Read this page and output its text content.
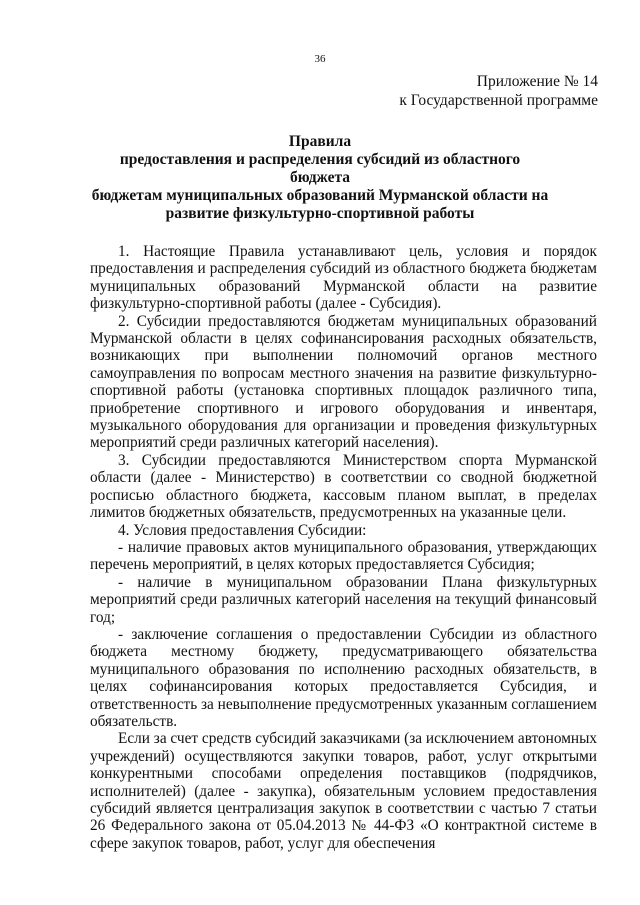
36
Приложение № 14
к Государственной программе
Правила
предоставления и распределения субсидий из областного бюджета
бюджетам муниципальных образований Мурманской области на
развитие физкультурно-спортивной работы

1. Настоящие Правила устанавливают цель, условия и порядок предоставления и распределения субсидий из областного бюджета бюджетам муниципальных образований Мурманской области на развитие физкультурно-спортивной работы (далее - Субсидия).

2. Субсидии предоставляются бюджетам муниципальных образований Мурманской области в целях софинансирования расходных обязательств, возникающих при выполнении полномочий органов местного самоуправления по вопросам местного значения на развитие физкультурно-спортивной работы (установка спортивных площадок различного типа, приобретение спортивного и игрового оборудования и инвентаря, музыкального оборудования для организации и проведения физкультурных мероприятий среди различных категорий населения).

3. Субсидии предоставляются Министерством спорта Мурманской области (далее - Министерство) в соответствии со сводной бюджетной росписью областного бюджета, кассовым планом выплат, в пределах лимитов бюджетных обязательств, предусмотренных на указанные цели.

4. Условия предоставления Субсидии:

- наличие правовых актов муниципального образования, утверждающих перечень мероприятий, в целях которых предоставляется Субсидия;

- наличие в муниципальном образовании Плана физкультурных мероприятий среди различных категорий населения на текущий финансовый год;

- заключение соглашения о предоставлении Субсидии из областного бюджета местному бюджету, предусматривающего обязательства муниципального образования по исполнению расходных обязательств, в целях софинансирования которых предоставляется Субсидия, и ответственность за невыполнение предусмотренных указанным соглашением обязательств.

Если за счет средств субсидий заказчиками (за исключением автономных учреждений) осуществляются закупки товаров, работ, услуг открытыми конкурентными способами определения поставщиков (подрядчиков, исполнителей) (далее - закупка), обязательным условием предоставления субсидий является централизация закупок в соответствии с частью 7 статьи 26 Федерального закона от 05.04.2013 № 44-ФЗ «О контрактной системе в сфере закупок товаров, работ, услуг для обеспечения
